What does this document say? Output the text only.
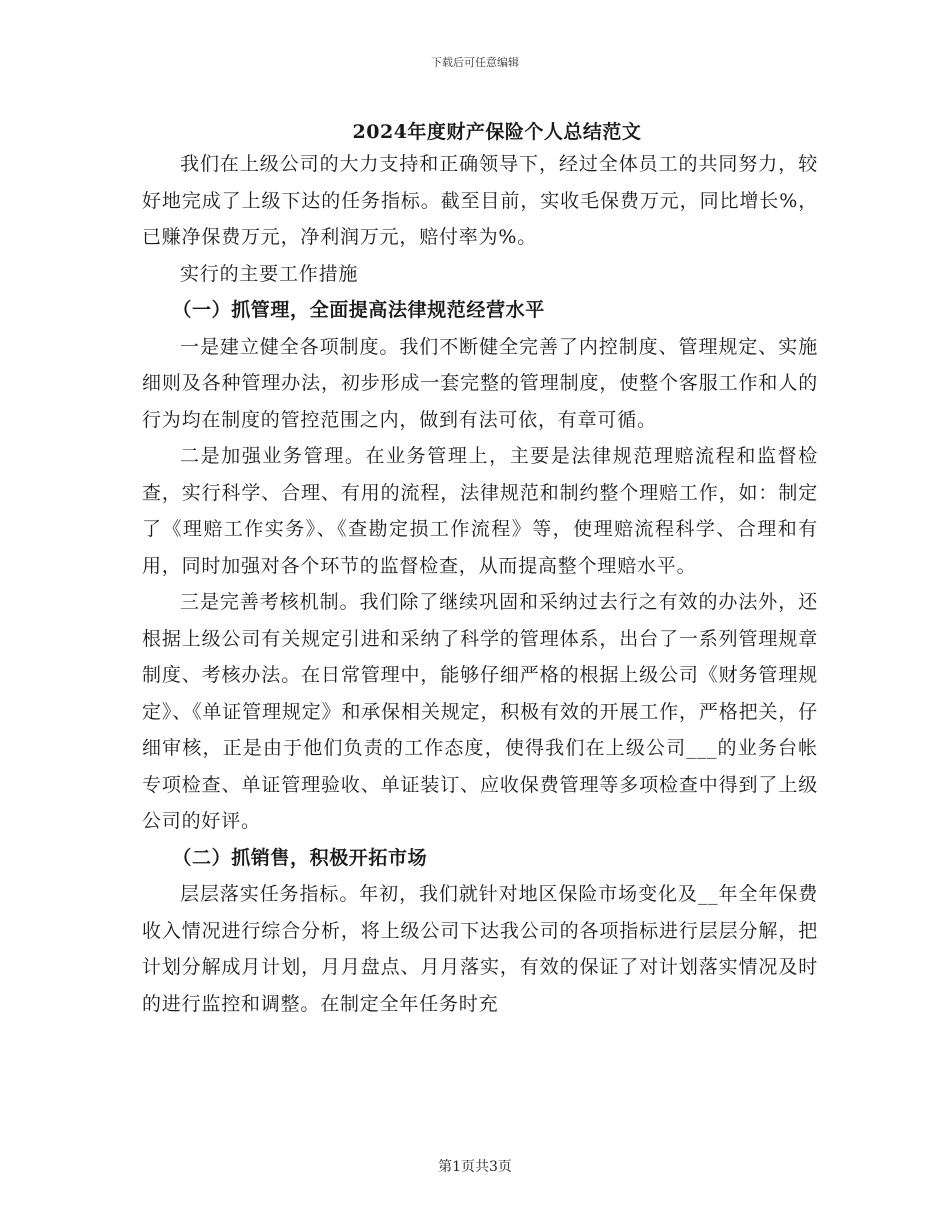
下载后可任意编辑
2024年度财产保险个人总结范文

我们在上级公司的大力支持和正确领导下，经过全体员工的共同努力，较好地完成了上级下达的任务指标。截至目前，实收毛保费万元，同比增长%，已赚净保费万元，净利润万元，赔付率为%。

实行的主要工作措施

（一）抓管理，全面提高法律规范经营水平

一是建立健全各项制度。我们不断健全完善了内控制度、管理规定、实施细则及各种管理办法，初步形成一套完整的管理制度，使整个客服工作和人的行为均在制度的管控范围之内，做到有法可依，有章可循。

二是加强业务管理。在业务管理上，主要是法律规范理赔流程和监督检查，实行科学、合理、有用的流程，法律规范和制约整个理赔工作，如：制定了《理赔工作实务》、《查勘定损工作流程》等，使理赔流程科学、合理和有用，同时加强对各个环节的监督检查，从而提高整个理赔水平。

三是完善考核机制。我们除了继续巩固和采纳过去行之有效的办法外，还根据上级公司有关规定引进和采纳了科学的管理体系，出台了一系列管理规章制度、考核办法。在日常管理中，能够仔细严格的根据上级公司《财务管理规定》、《单证管理规定》和承保相关规定，积极有效的开展工作，严格把关，仔细审核，正是由于他们负责的工作态度，使得我们在上级公司___的业务台帐专项检查、单证管理验收、单证装订、应收保费管理等多项检查中得到了上级公司的好评。

（二）抓销售，积极开拓市场

层层落实任务指标。年初，我们就针对地区保险市场变化及__年全年保费收入情况进行综合分析，将上级公司下达我公司的各项指标进行层层分解，把计划分解成月计划，月月盘点、月月落实，有效的保证了对计划落实情况及时的进行监控和调整。在制定全年任务时充

第1页共3页
